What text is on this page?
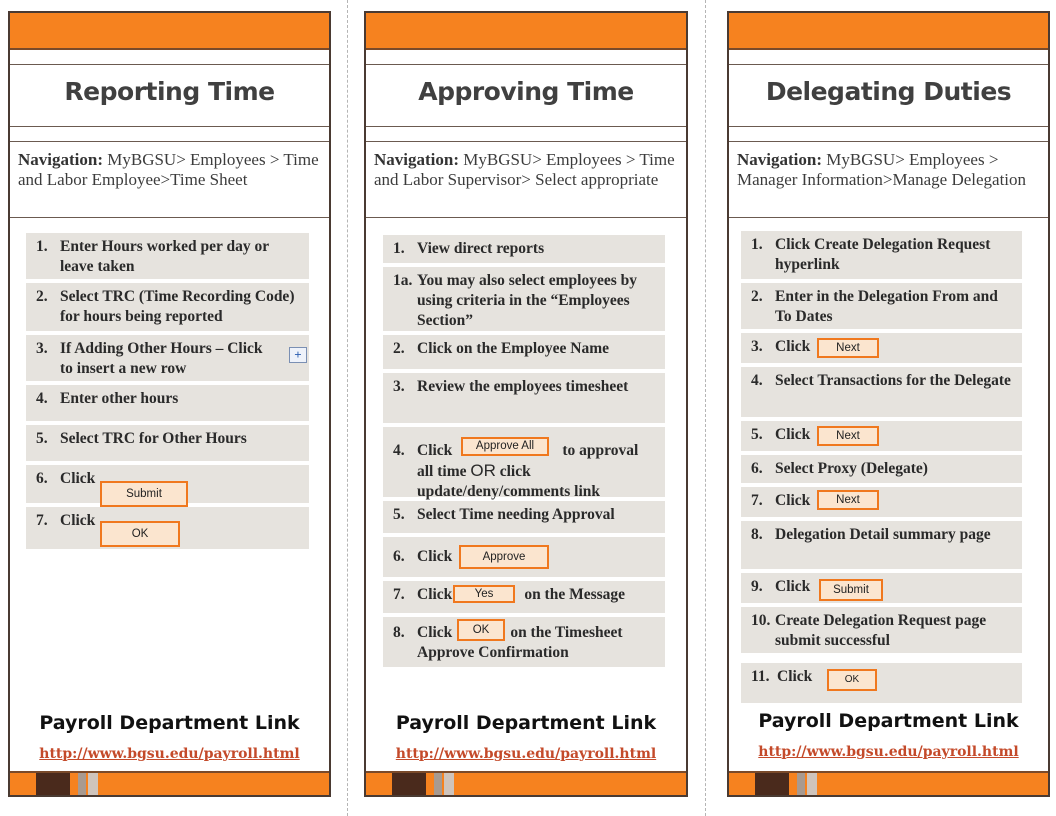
Reporting Time
Navigation: MyBGSU> Employees > Time and Labor Employee>Time Sheet
1. Enter Hours worked per day or leave taken
2. Select TRC (Time Recording Code) for hours being reported
3. If Adding Other Hours – Click to insert a new row
+
4. Enter other hours
5. Select TRC for Other Hours
6. Click
Submit
7. Click
OK
Payroll Department Link
http://www.bgsu.edu/payroll.html
Approving Time
Navigation: MyBGSU> Employees > Time and Labor Supervisor> Select appropriate
1. View direct reports
1a. You may also select employees by using criteria in the “Employees Section”
2. Click on the Employee Name
3. Review the employees timesheet
4. Click	to approval
all time OR click update/deny/comments link
Approve All
5. Select Time needing Approval
6. Click	Approve
7. Click	on the Message
Yes
8. Click	on the Timesheet Approve Confirmation
OK
Payroll Department Link
http://www.bgsu.edu/payroll.html
Delegating Duties
Navigation: MyBGSU> Employees > Manager Information>Manage Delegation
1. Click Create Delegation Request hyperlink
2. Enter in the Delegation From and To Dates
3. Click	Next
4. Select Transactions for the Delegate
5. Click	Next
6. Select Proxy (Delegate)
7. Click	Next
8. Delegation Detail summary page
9. Click	Submit
10. Create Delegation Request page submit successful
11. Click	OK
Payroll Department Link
http://www.bgsu.edu/payroll.html
